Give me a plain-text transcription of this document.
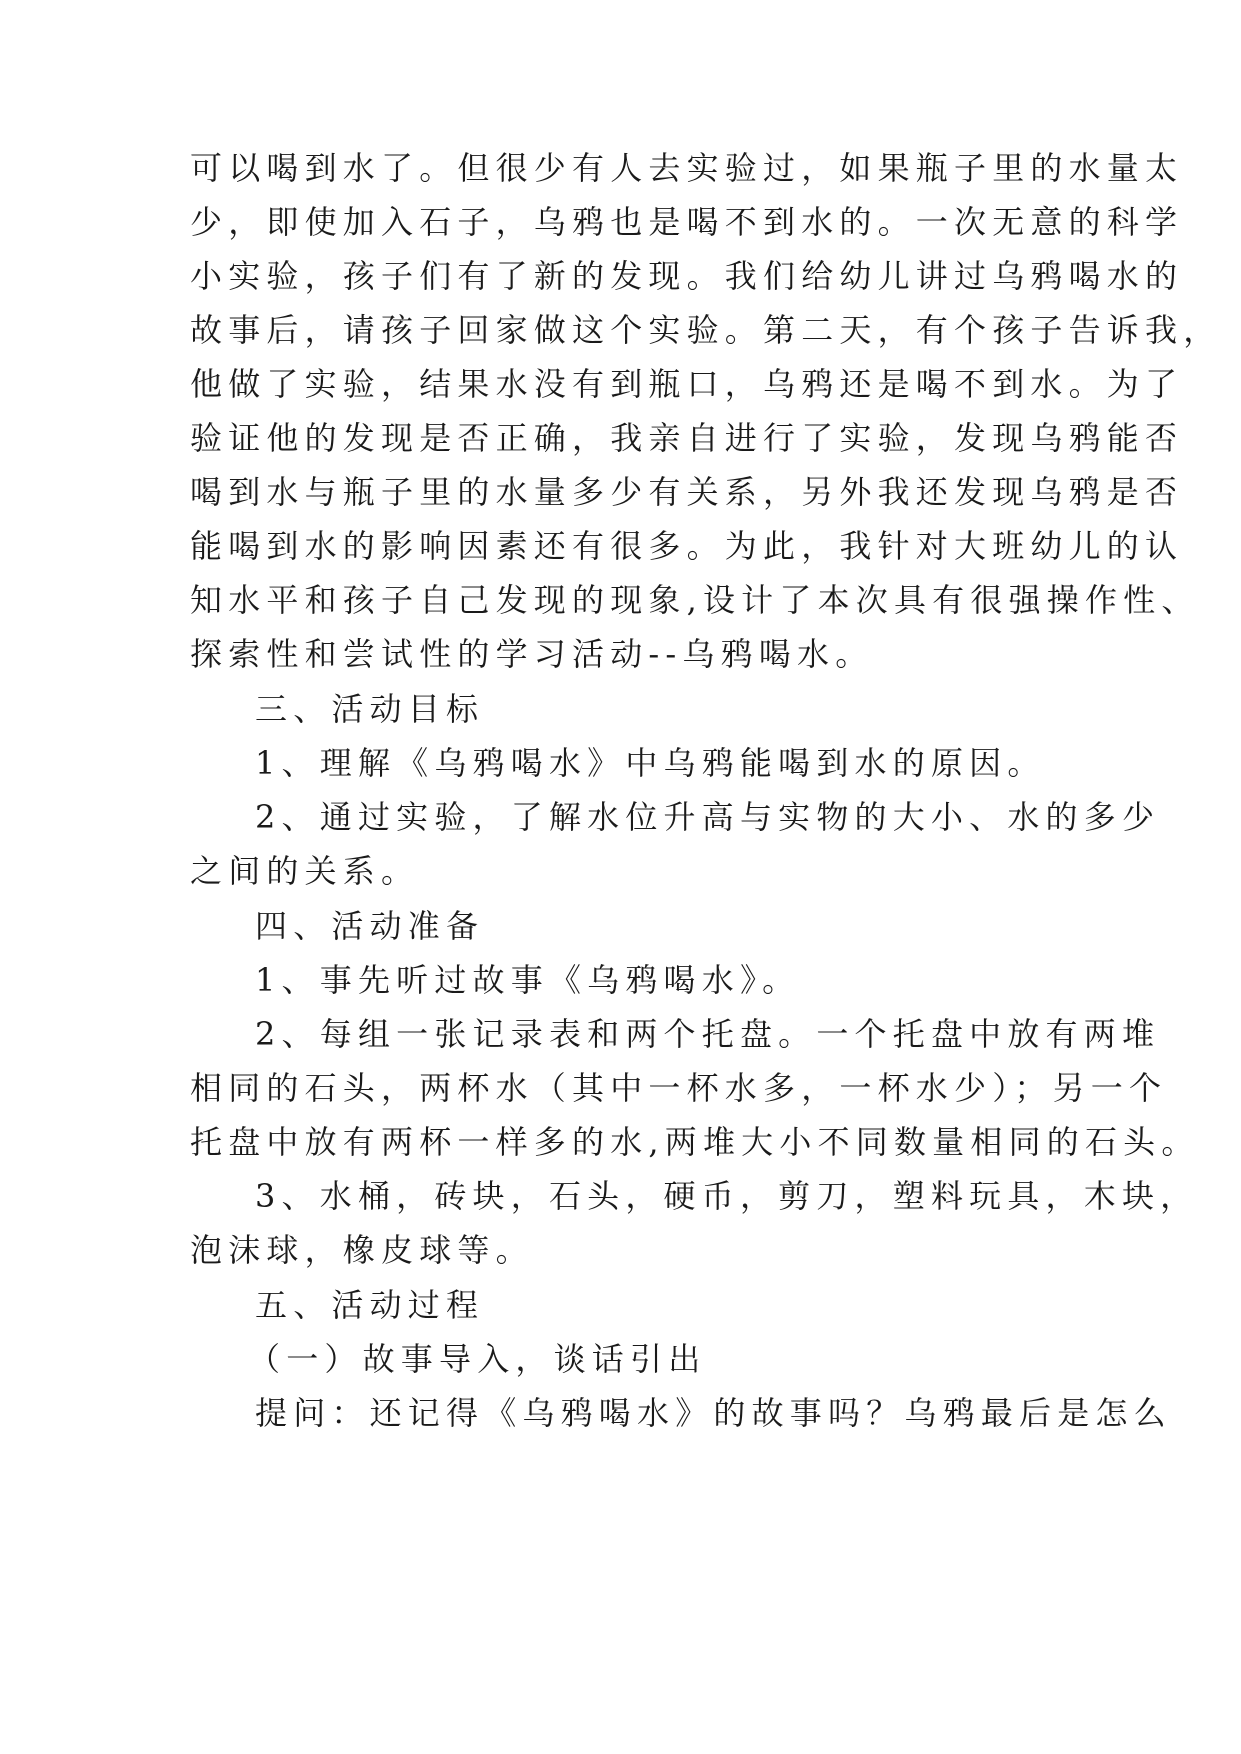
可以喝到水了。但很少有人去实验过，如果瓶子里的水量太
少，即使加入石子，乌鸦也是喝不到水的。一次无意的科学
小实验，孩子们有了新的发现。我们给幼儿讲过乌鸦喝水的
故事后，请孩子回家做这个实验。第二天，有个孩子告诉我，
他做了实验，结果水没有到瓶口，乌鸦还是喝不到水。为了
验证他的发现是否正确，我亲自进行了实验，发现乌鸦能否
喝到水与瓶子里的水量多少有关系，另外我还发现乌鸦是否
能喝到水的影响因素还有很多。为此，我针对大班幼儿的认
知水平和孩子自己发现的现象,设计了本次具有很强操作性、
探索性和尝试性的学习活动--乌鸦喝水。
三、活动目标
1、理解《乌鸦喝水》中乌鸦能喝到水的原因。
2、通过实验，了解水位升高与实物的大小、水的多少
之间的关系。
四、活动准备
1、事先听过故事《乌鸦喝水》。
2、每组一张记录表和两个托盘。一个托盘中放有两堆
相同的石头，两杯水（其中一杯水多，一杯水少）；另一个
托盘中放有两杯一样多的水,两堆大小不同数量相同的石头。
3、水桶，砖块，石头，硬币，剪刀，塑料玩具，木块，
泡沫球，橡皮球等。
五、活动过程
（一）故事导入，谈话引出
提问：还记得《乌鸦喝水》的故事吗？乌鸦最后是怎么
